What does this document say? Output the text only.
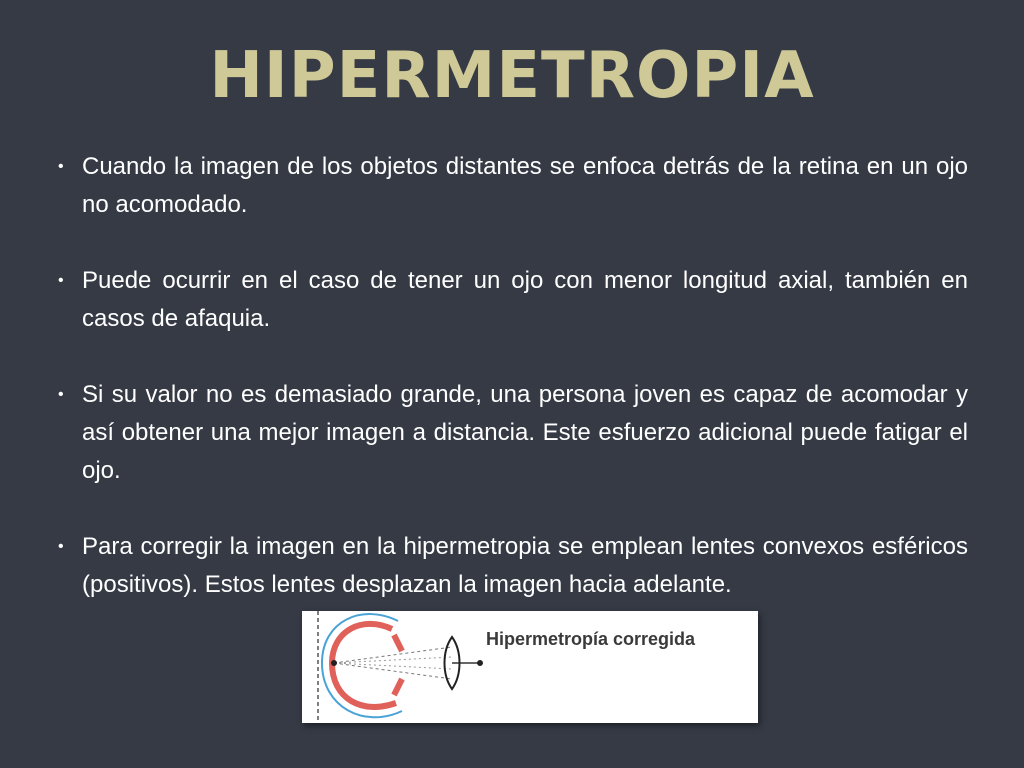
HIPERMETROPIA
• Cuando la imagen de los objetos distantes se enfoca detrás de la retina en un ojo no acomodado.
• Puede ocurrir en el caso de tener un ojo con menor longitud axial, también en casos de afaquia.
• Si su valor no es demasiado grande, una persona joven es capaz de acomodar y así obtener una mejor imagen a distancia. Este esfuerzo adicional puede fatigar el ojo.
• Para corregir la imagen en la hipermetropia se emplean lentes convexos esféricos (positivos). Estos lentes desplazan la imagen hacia adelante.
Hipermetropía corregida
